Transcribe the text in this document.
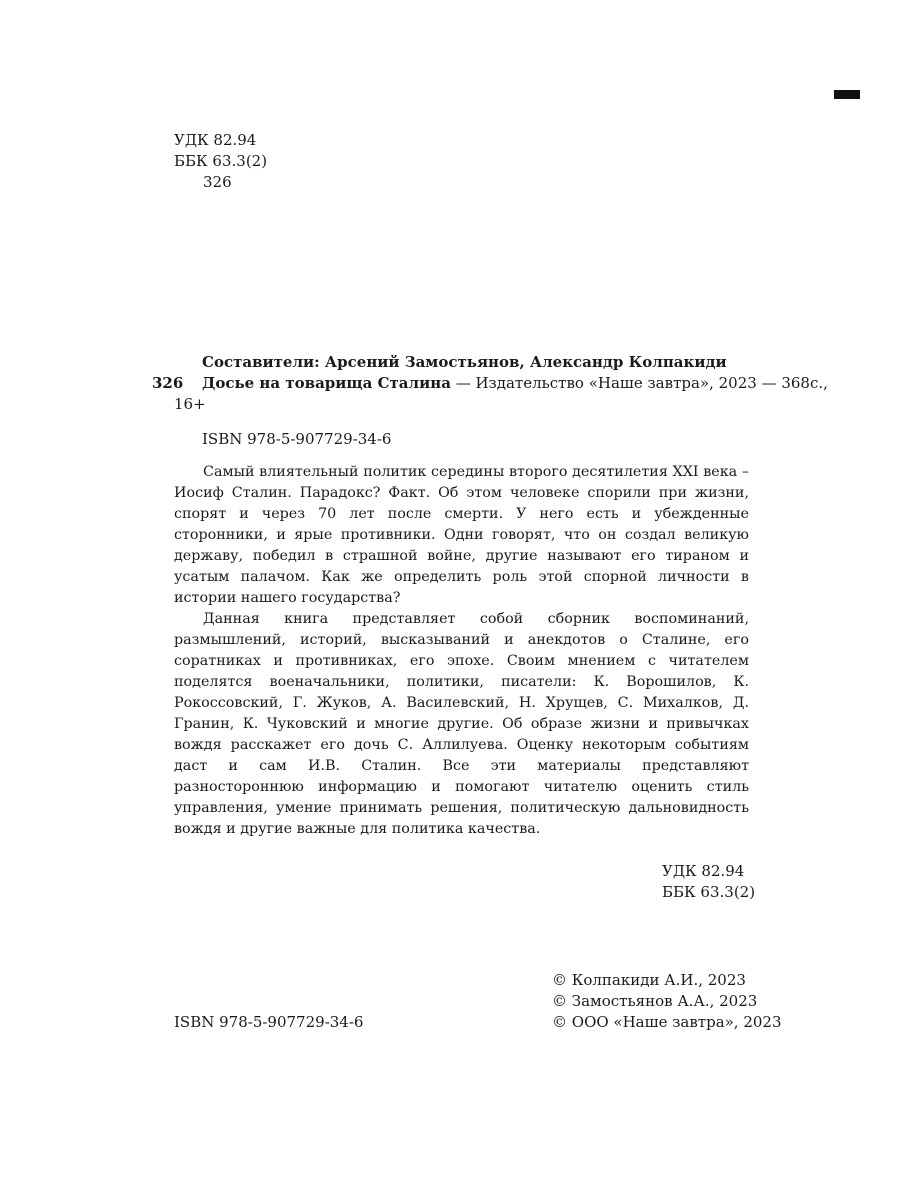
УДК 82.94
ББК 63.3(2)
326
Составители: Арсений Замостьянов, Александр Колпакиди
326	Досье на товарища Сталина — Издательство «Наше завтра», 2023 — 368с.,
16+
ISBN 978-5-907729-34-6

Самый влиятельный политик середины второго десятилетия XXI века – Иосиф Сталин. Парадокс? Факт. Об этом человеке спорили при жизни, спорят и через 70 лет после смерти. У него есть и убежденные сторонники, и ярые противники. Одни говорят, что он создал великую державу, победил в страшной войне, другие называют его тираном и усатым палачом. Как же определить роль этой спорной личности в истории нашего государства?

Данная книга представляет собой сборник воспоминаний, размышлений, историй, высказываний и анекдотов о Сталине, его соратниках и противниках, его эпохе. Своим мнением с читателем поделятся военачальники, политики, писатели: К. Ворошилов, К. Рокоссовский, Г. Жуков, А. Василевский, Н. Хрущев, С. Михалков, Д. Гранин, К. Чуковский и многие другие. Об образе жизни и привычках вождя расскажет его дочь С. Аллилуева. Оценку некоторым событиям даст и сам И.В. Сталин. Все эти материалы представляют разностороннюю информацию и помогают читателю оценить стиль управления, умение принимать решения, политическую дальновидность вождя и другие важные для политика качества.

УДК 82.94
ББК 63.3(2)
© Колпакиди А.И., 2023
© Замостьянов А.А., 2023
© ООО «Наше завтра», 2023
ISBN 978-5-907729-34-6
